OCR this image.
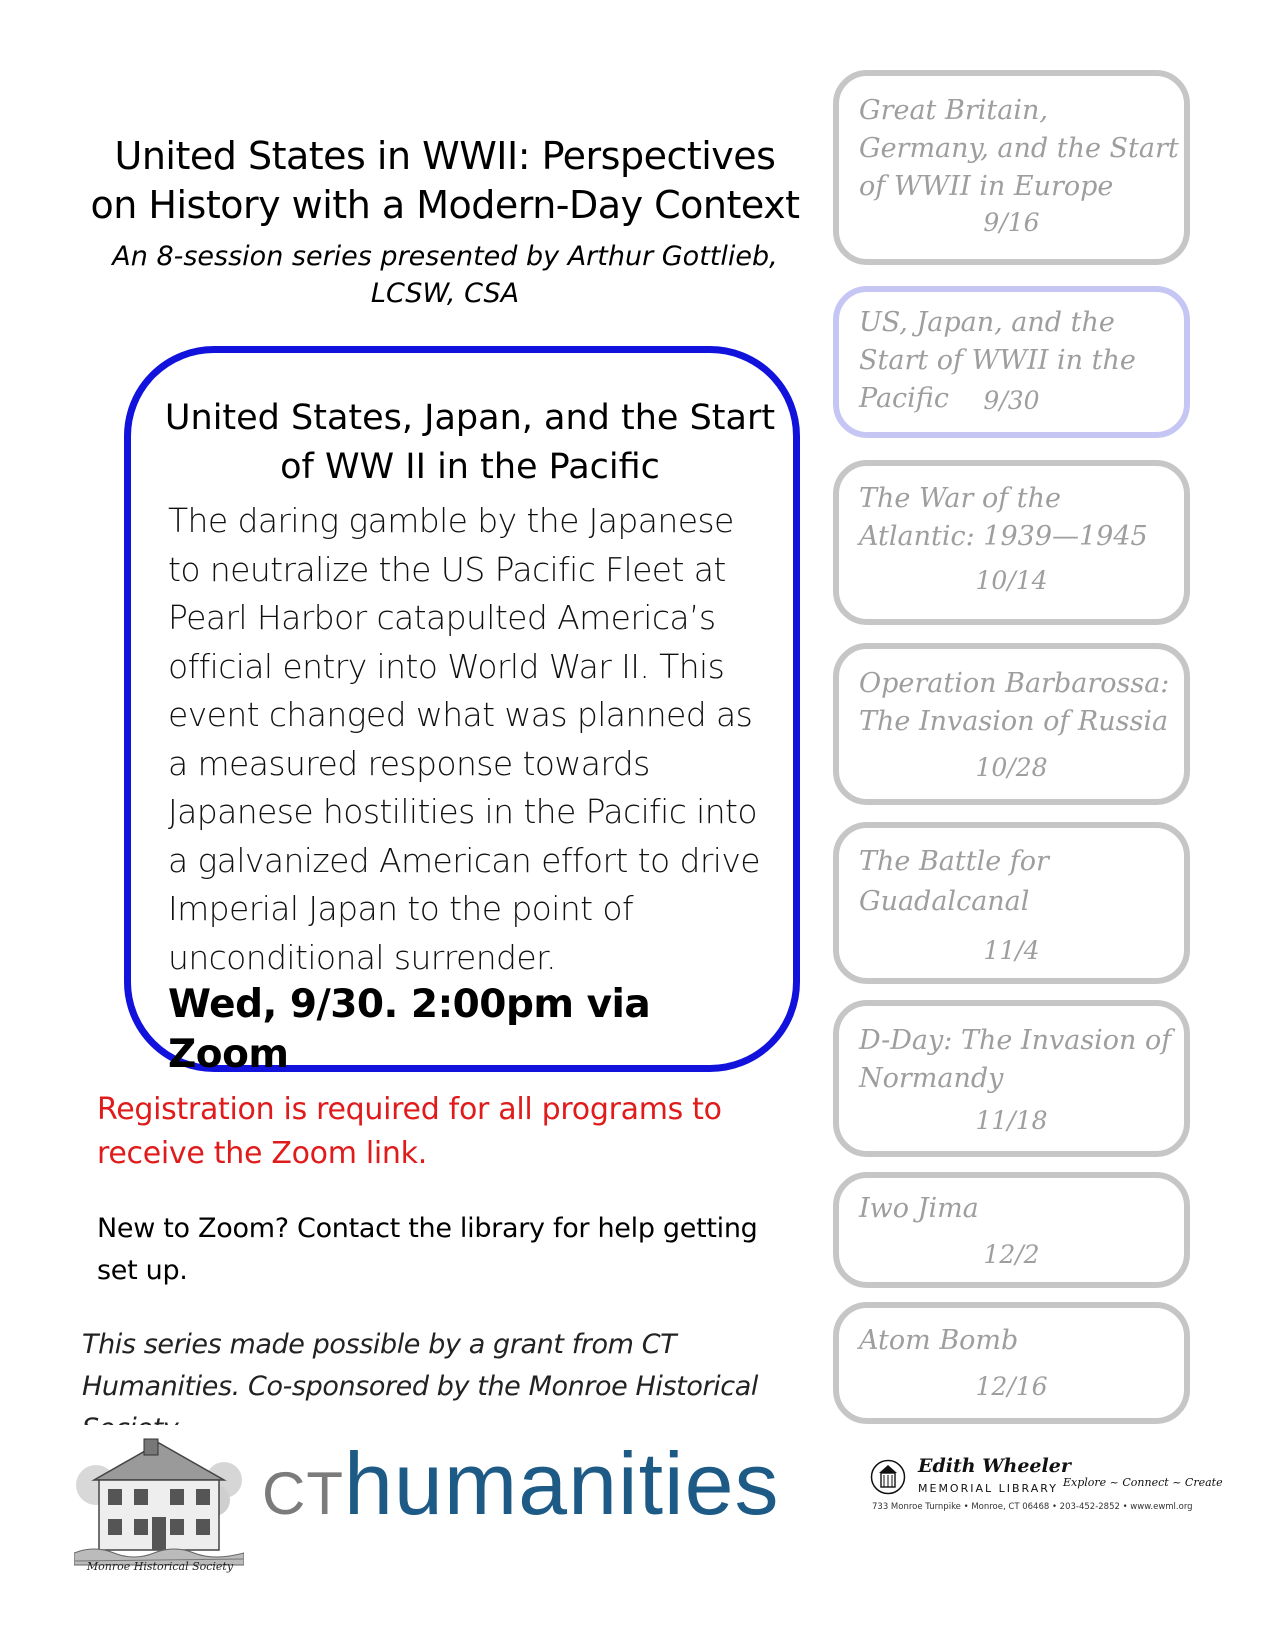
United States in WWII: Perspectives on History with a Modern-Day Context
An 8-session series presented by Arthur Gottlieb, LCSW, CSA
United States, Japan, and the Start of WW II in the Pacific
The daring gamble by the Japanese to neutralize the US Pacific Fleet at Pearl Harbor catapulted America’s official entry into World War II. This event changed what was planned as a measured response towards Japanese hostilities in the Pacific into a galvanized American effort to drive Imperial Japan to the point of unconditional surrender.
Wed, 9/30. 2:00pm via Zoom
Registration is required for all programs to receive the Zoom link.
New to Zoom? Contact the library for help getting set up.
This series made possible by a grant from CT Humanities. Co-sponsored by the Monroe Historical
Great Britain, Germany, and the Start of WWII in Europe
9/16
US, Japan, and the Start of WWII in the Pacific	9/30
The War of the Atlantic: 1939—1945
10/14
Operation Barbarossa: The Invasion of Russia
10/28
The Battle for Guadalcanal
11/4
D-Day: The Invasion of Normandy
11/18
Iwo Jima
12/2
Atom Bomb
12/16
Monroe Historical Society
CThumanities	Edith Wheeler
MEMORIAL LIBRARY Explore ~ Connect ~ Create
733 Monroe Turnpike • Monroe, CT 06468 • 203-452-2852 • www.ewml.org
